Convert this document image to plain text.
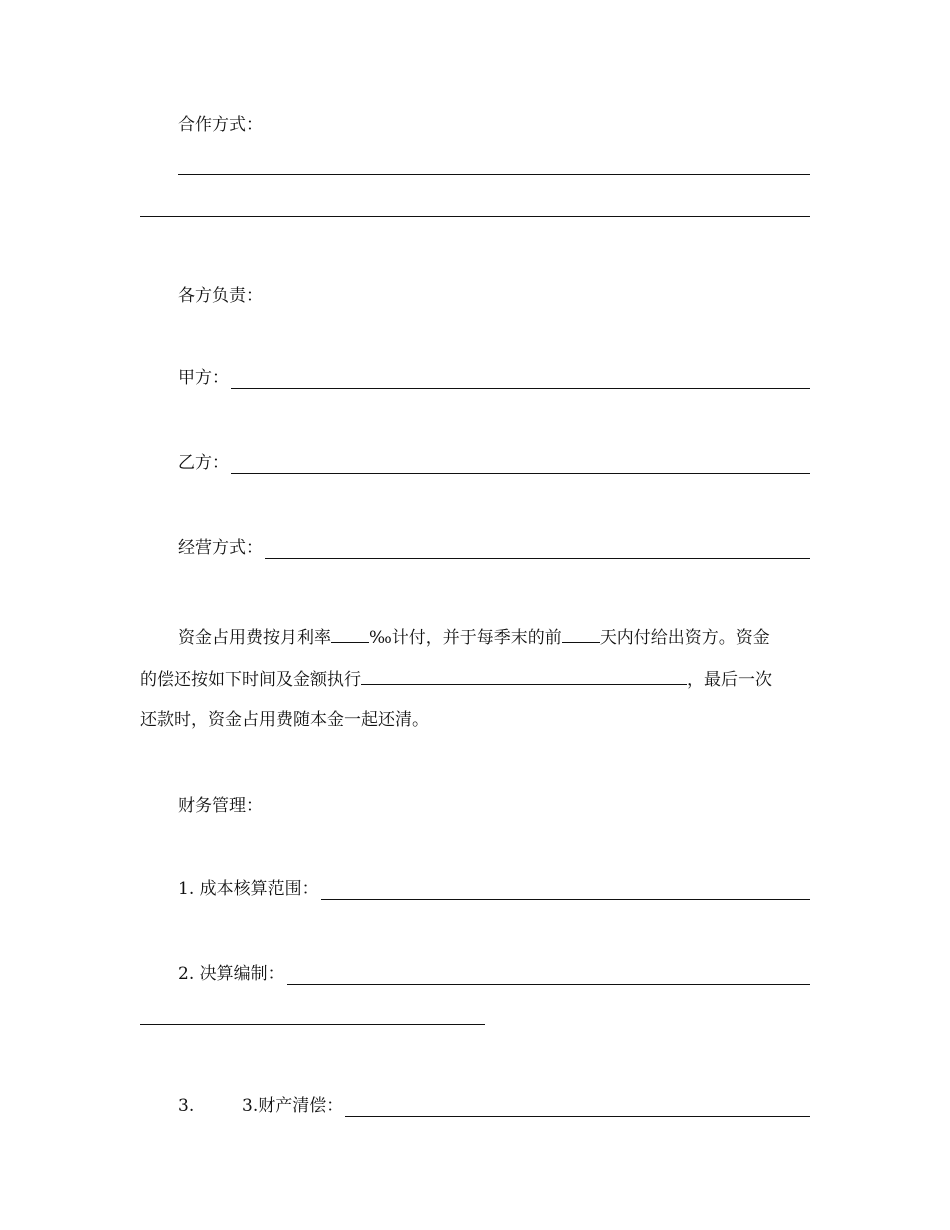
合作方式：
各方负责：
甲方：
乙方：
经营方式：
资金占用费按月利率 ‰计付，并于每季末的前 天内付给出资方。资金
的偿还按如下时间及金额执行	，最后一次
还款时，资金占用费随本金一起还清。
财务管理：
1. 成本核算范围：
2. 决算编制：
3.	3.财产清偿：
